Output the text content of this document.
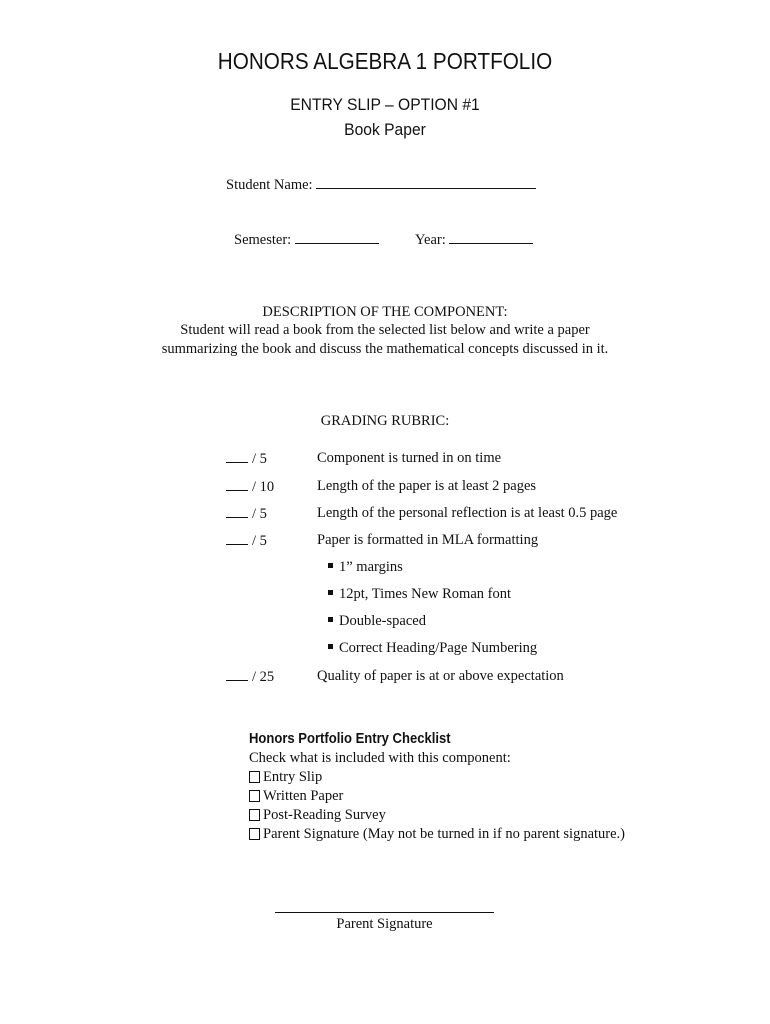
HONORS ALGEBRA 1 PORTFOLIO
ENTRY SLIP – OPTION #1
Book Paper
Student Name:
Semester:	Year:
DESCRIPTION OF THE COMPONENT:
Student will read a book from the selected list below and write a paper
summarizing the book and discuss the mathematical concepts discussed in it.
GRADING RUBRIC:
/ 5	Component is turned in on time
/ 10	Length of the paper is at least 2 pages
/ 5	Length of the personal reflection is at least 0.5 page
/ 5	Paper is formatted in MLA formatting
1” margins
12pt, Times New Roman font
Double-spaced
Correct Heading/Page Numbering
/ 25	Quality of paper is at or above expectation
Honors Portfolio Entry Checklist
Check what is included with this component:
Entry Slip
Written Paper
Post-Reading Survey
Parent Signature (May not be turned in if no parent signature.)
Parent Signature
